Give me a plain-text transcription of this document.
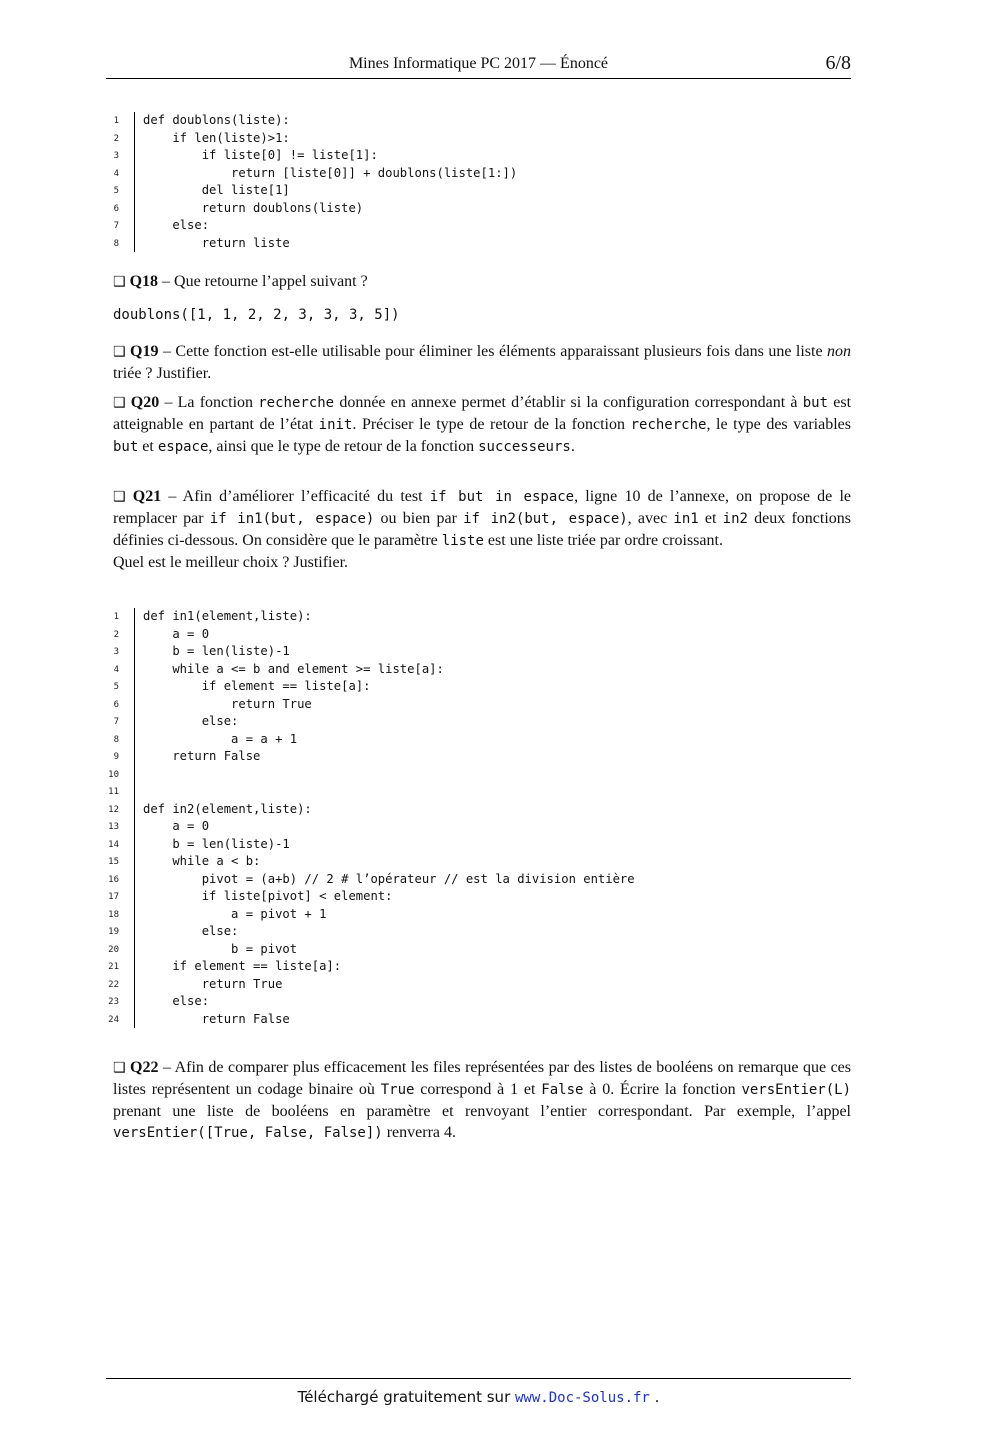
Mines Informatique PC 2017 — Énoncé	6/8
1 def doublons(liste):
2 if len(liste)>1:
3 if liste[0] != liste[1]:
4 return [liste[0]] + doublons(liste[1:])
5 del liste[1]
6 return doublons(liste)
7 else:
8 return liste
❑ Q18 – Que retourne l’appel suivant ?
doublons([1, 1, 2, 2, 3, 3, 3, 5])
❑ Q19 – Cette fonction est-elle utilisable pour éliminer les éléments apparaissant plusieurs fois dans une liste non triée ? Justifier.
❑ Q20 – La fonction recherche donnée en annexe permet d’établir si la configuration correspondant à but est atteignable en partant de l’état init. Préciser le type de retour de la fonction recherche, le type des variables but et espace, ainsi que le type de retour de la fonction successeurs.
❑ Q21 – Afin d’améliorer l’efficacité du test if but in espace, ligne 10 de l’annexe, on propose de le remplacer par if in1(but, espace) ou bien par if in2(but, espace), avec in1 et in2 deux fonctions définies ci-dessous. On considère que le paramètre liste est une liste triée par ordre croissant.
Quel est le meilleur choix ? Justifier.
1 def in1(element,liste):
2 a = 0
3 b = len(liste)-1
4 while a <= b and element >= liste[a]:
5 if element == liste[a]:
6 return True
7 else:
8 a = a + 1
9 return False
10
11
12 def in2(element,liste):
13 a = 0
14 b = len(liste)-1
15 while a < b:
16 pivot = (a+b) // 2 # l’opérateur // est la division entière
17 if liste[pivot] < element:
18 a = pivot + 1
19 else:
20 b = pivot
21 if element == liste[a]:
22 return True
23 else:
24 return False
❑ Q22 – Afin de comparer plus efficacement les files représentées par des listes de booléens on remarque que ces listes représentent un codage binaire où True correspond à 1 et False à 0. Écrire la fonction versEntier(L) prenant une liste de booléens en paramètre et renvoyant l’entier correspondant. Par exemple, l’appel versEntier([True, False, False]) renverra 4.
Téléchargé gratuitement sur www.Doc-Solus.fr .
